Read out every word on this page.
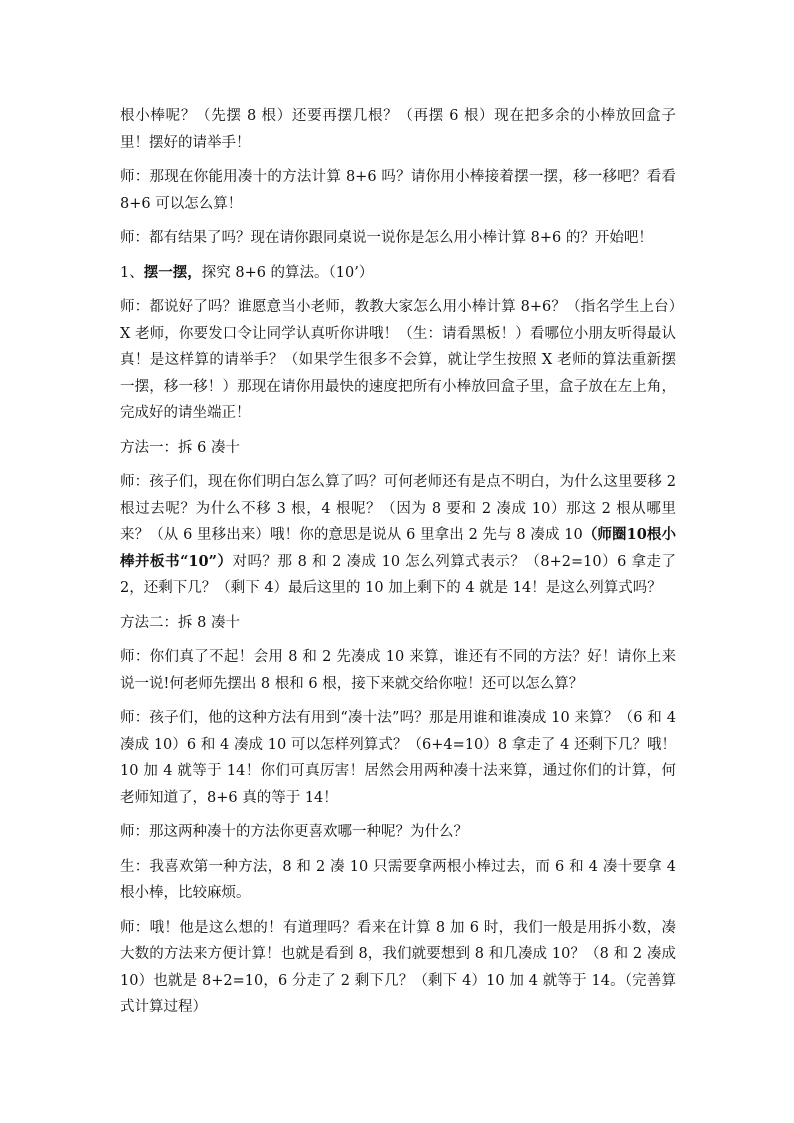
根小棒呢？（先摆 8 根）还要再摆几根？（再摆 6 根）现在把多余的小棒放回盒子里！摆好的请举手！

师：那现在你能用凑十的方法计算 8+6 吗？请你用小棒接着摆一摆，移一移吧？看看 8+6 可以怎么算！

师：都有结果了吗？现在请你跟同桌说一说你是怎么用小棒计算 8+6 的？开始吧！

1、摆一摆，探究 8+6 的算法。（10’）

师：都说好了吗？谁愿意当小老师，教教大家怎么用小棒计算 8+6？（指名学生上台）X 老师，你要发口令让同学认真听你讲哦！（生：请看黑板！）看哪位小朋友听得最认真！是这样算的请举手？（如果学生很多不会算，就让学生按照 X 老师的算法重新摆一摆，移一移！）那现在请你用最快的速度把所有小棒放回盒子里，盒子放在左上角，完成好的请坐端正！

方法一：拆 6 凑十

师：孩子们，现在你们明白怎么算了吗？可何老师还有是点不明白，为什么这里要移 2 根过去呢？为什么不移 3 根，4 根呢？（因为 8 要和 2 凑成 10）那这 2 根从哪里来？（从 6 里移出来）哦！你的意思是说从 6 里拿出 2 先与 8 凑成 10（师圈10根小棒并板书“10”）对吗？那 8 和 2 凑成 10 怎么列算式表示？（8+2=10）6 拿走了 2，还剩下几？（剩下 4）最后这里的 10 加上剩下的 4 就是 14！是这么列算式吗？

方法二：拆 8 凑十

师：你们真了不起！会用 8 和 2 先凑成 10 来算，谁还有不同的方法？好！请你上来说一说!何老师先摆出 8 根和 6 根，接下来就交给你啦！还可以怎么算？

师：孩子们，他的这种方法有用到“凑十法”吗？那是用谁和谁凑成 10 来算？（6 和 4 凑成 10）6 和 4 凑成 10 可以怎样列算式？（6+4=10）8 拿走了 4 还剩下几？哦！10 加 4 就等于 14！你们可真厉害！居然会用两种凑十法来算，通过你们的计算，何老师知道了，8+6 真的等于 14！

师：那这两种凑十的方法你更喜欢哪一种呢？为什么？

生：我喜欢第一种方法，8 和 2 凑 10 只需要拿两根小棒过去，而 6 和 4 凑十要拿 4 根小棒，比较麻烦。

师：哦！他是这么想的！有道理吗？看来在计算 8 加 6 时，我们一般是用拆小数，凑大数的方法来方便计算！也就是看到 8，我们就要想到 8 和几凑成 10？（8 和 2 凑成 10）也就是 8+2=10，6 分走了 2 剩下几？（剩下 4）10 加 4 就等于 14。（完善算式计算过程）
